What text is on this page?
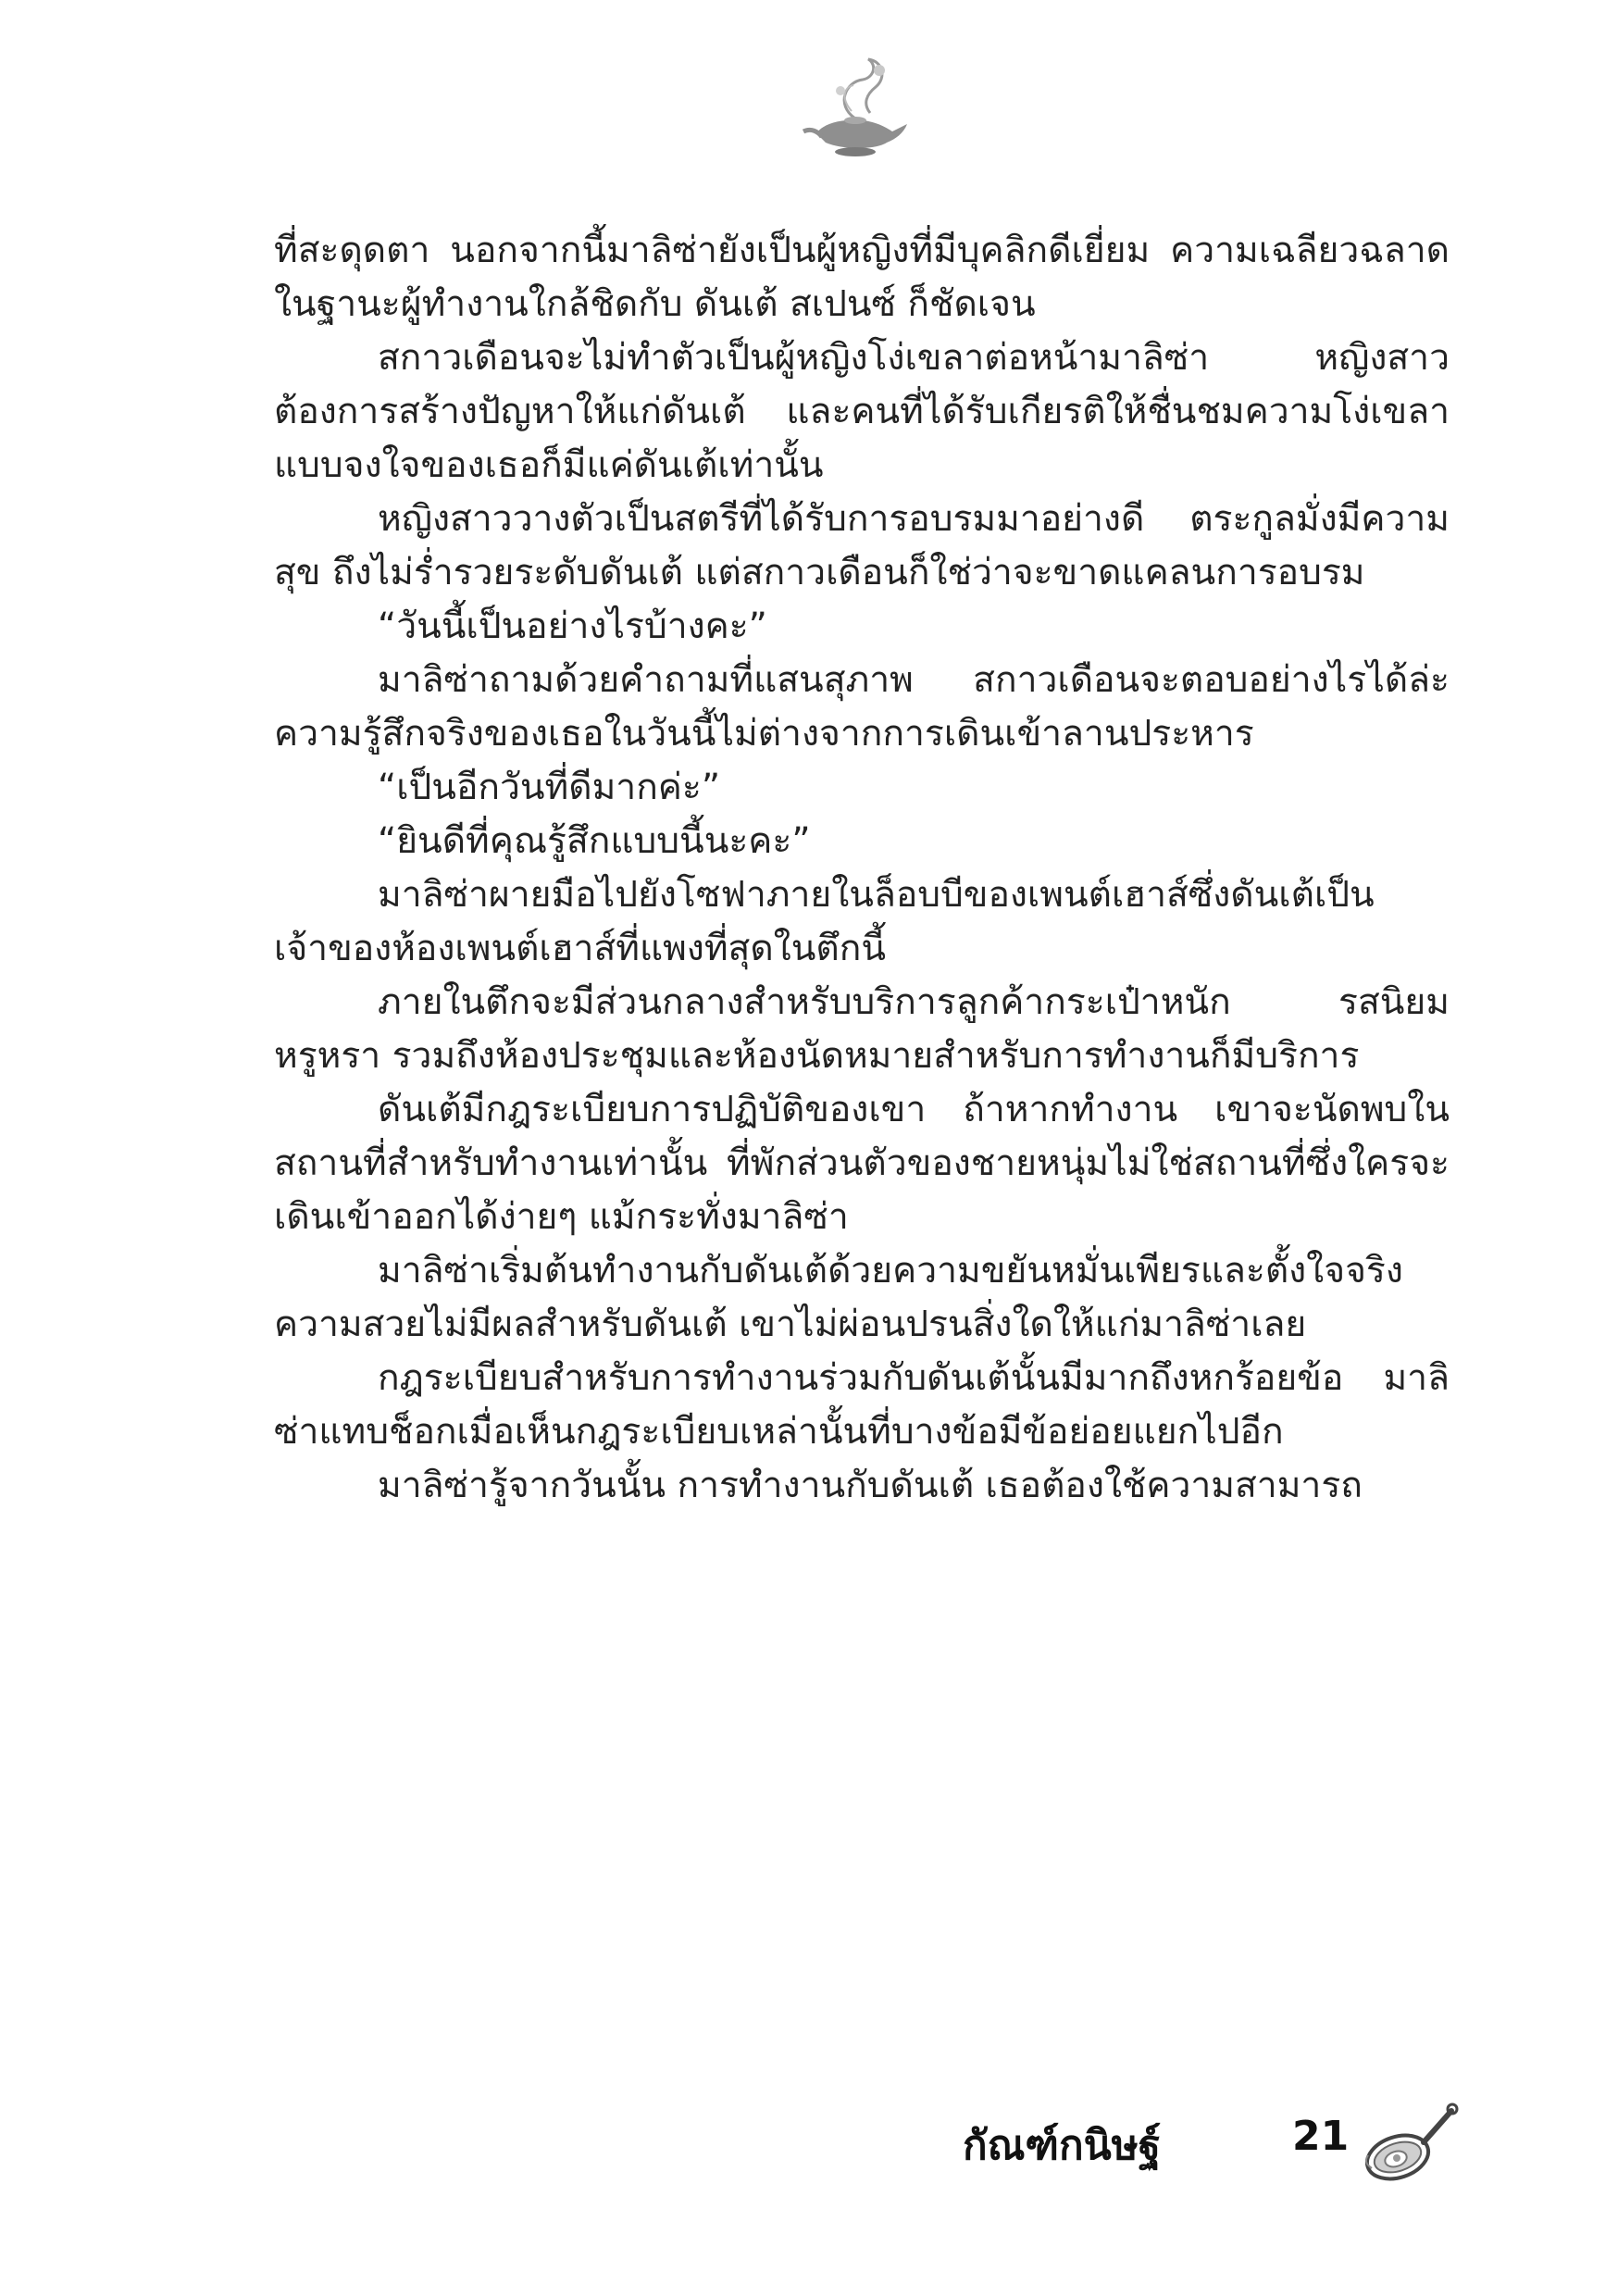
ที่สะดุดตา นอกจากนี้มาลิซ่ายังเป็นผู้หญิงที่มีบุคลิกดีเยี่ยม ความเฉลียวฉลาดในฐานะผู้ทำงานใกล้ชิดกับ ดันเต้ สเปนซ์ ก็ชัดเจน

สกาวเดือนจะไม่ทำตัวเป็นผู้หญิงโง่เขลาต่อหน้ามาลิซ่า หญิงสาวต้องการสร้างปัญหาให้แก่ดันเต้ และคนที่ได้รับเกียรติให้ชื่นชมความโง่เขลาแบบจงใจของเธอก็มีแค่ดันเต้เท่านั้น

หญิงสาววางตัวเป็นสตรีที่ได้รับการอบรมมาอย่างดี ตระกูลมั่งมีความสุข ถึงไม่ร่ำรวยระดับดันเต้ แต่สกาวเดือนก็ใช่ว่าจะขาดแคลนการอบรม

“วันนี้เป็นอย่างไรบ้างคะ”

มาลิซ่าถามด้วยคำถามที่แสนสุภาพ สกาวเดือนจะตอบอย่างไรได้ล่ะ ความรู้สึกจริงของเธอในวันนี้ไม่ต่างจากการเดินเข้าลานประหาร

“เป็นอีกวันที่ดีมากค่ะ”

“ยินดีที่คุณรู้สึกแบบนี้นะคะ”

มาลิซ่าผายมือไปยังโซฟาภายในล็อบบีของเพนต์เฮาส์ซึ่งดันเต้เป็นเจ้าของห้องเพนต์เฮาส์ที่แพงที่สุดในตึกนี้

ภายในตึกจะมีส่วนกลางสำหรับบริการลูกค้ากระเป๋าหนัก รสนิยมหรูหรา รวมถึงห้องประชุมและห้องนัดหมายสำหรับการทำงานก็มีบริการ

ดันเต้มีกฎระเบียบการปฏิบัติของเขา ถ้าหากทำงาน เขาจะนัดพบในสถานที่สำหรับทำงานเท่านั้น ที่พักส่วนตัวของชายหนุ่มไม่ใช่สถานที่ซึ่งใครจะเดินเข้าออกได้ง่ายๆ แม้กระทั่งมาลิซ่า

มาลิซ่าเริ่มต้นทำงานกับดันเต้ด้วยความขยันหมั่นเพียรและตั้งใจจริง ความสวยไม่มีผลสำหรับดันเต้ เขาไม่ผ่อนปรนสิ่งใดให้แก่มาลิซ่าเลย

กฎระเบียบสำหรับการทำงานร่วมกับดันเต้นั้นมีมากถึงหกร้อยข้อ มาลิซ่าแทบช็อกเมื่อเห็นกฎระเบียบเหล่านั้นที่บางข้อมีข้อย่อยแยกไปอีก

มาลิซ่ารู้จากวันนั้น การทำงานกับดันเต้ เธอต้องใช้ความสามารถ

กัณฑ์กนิษฐ์	21
